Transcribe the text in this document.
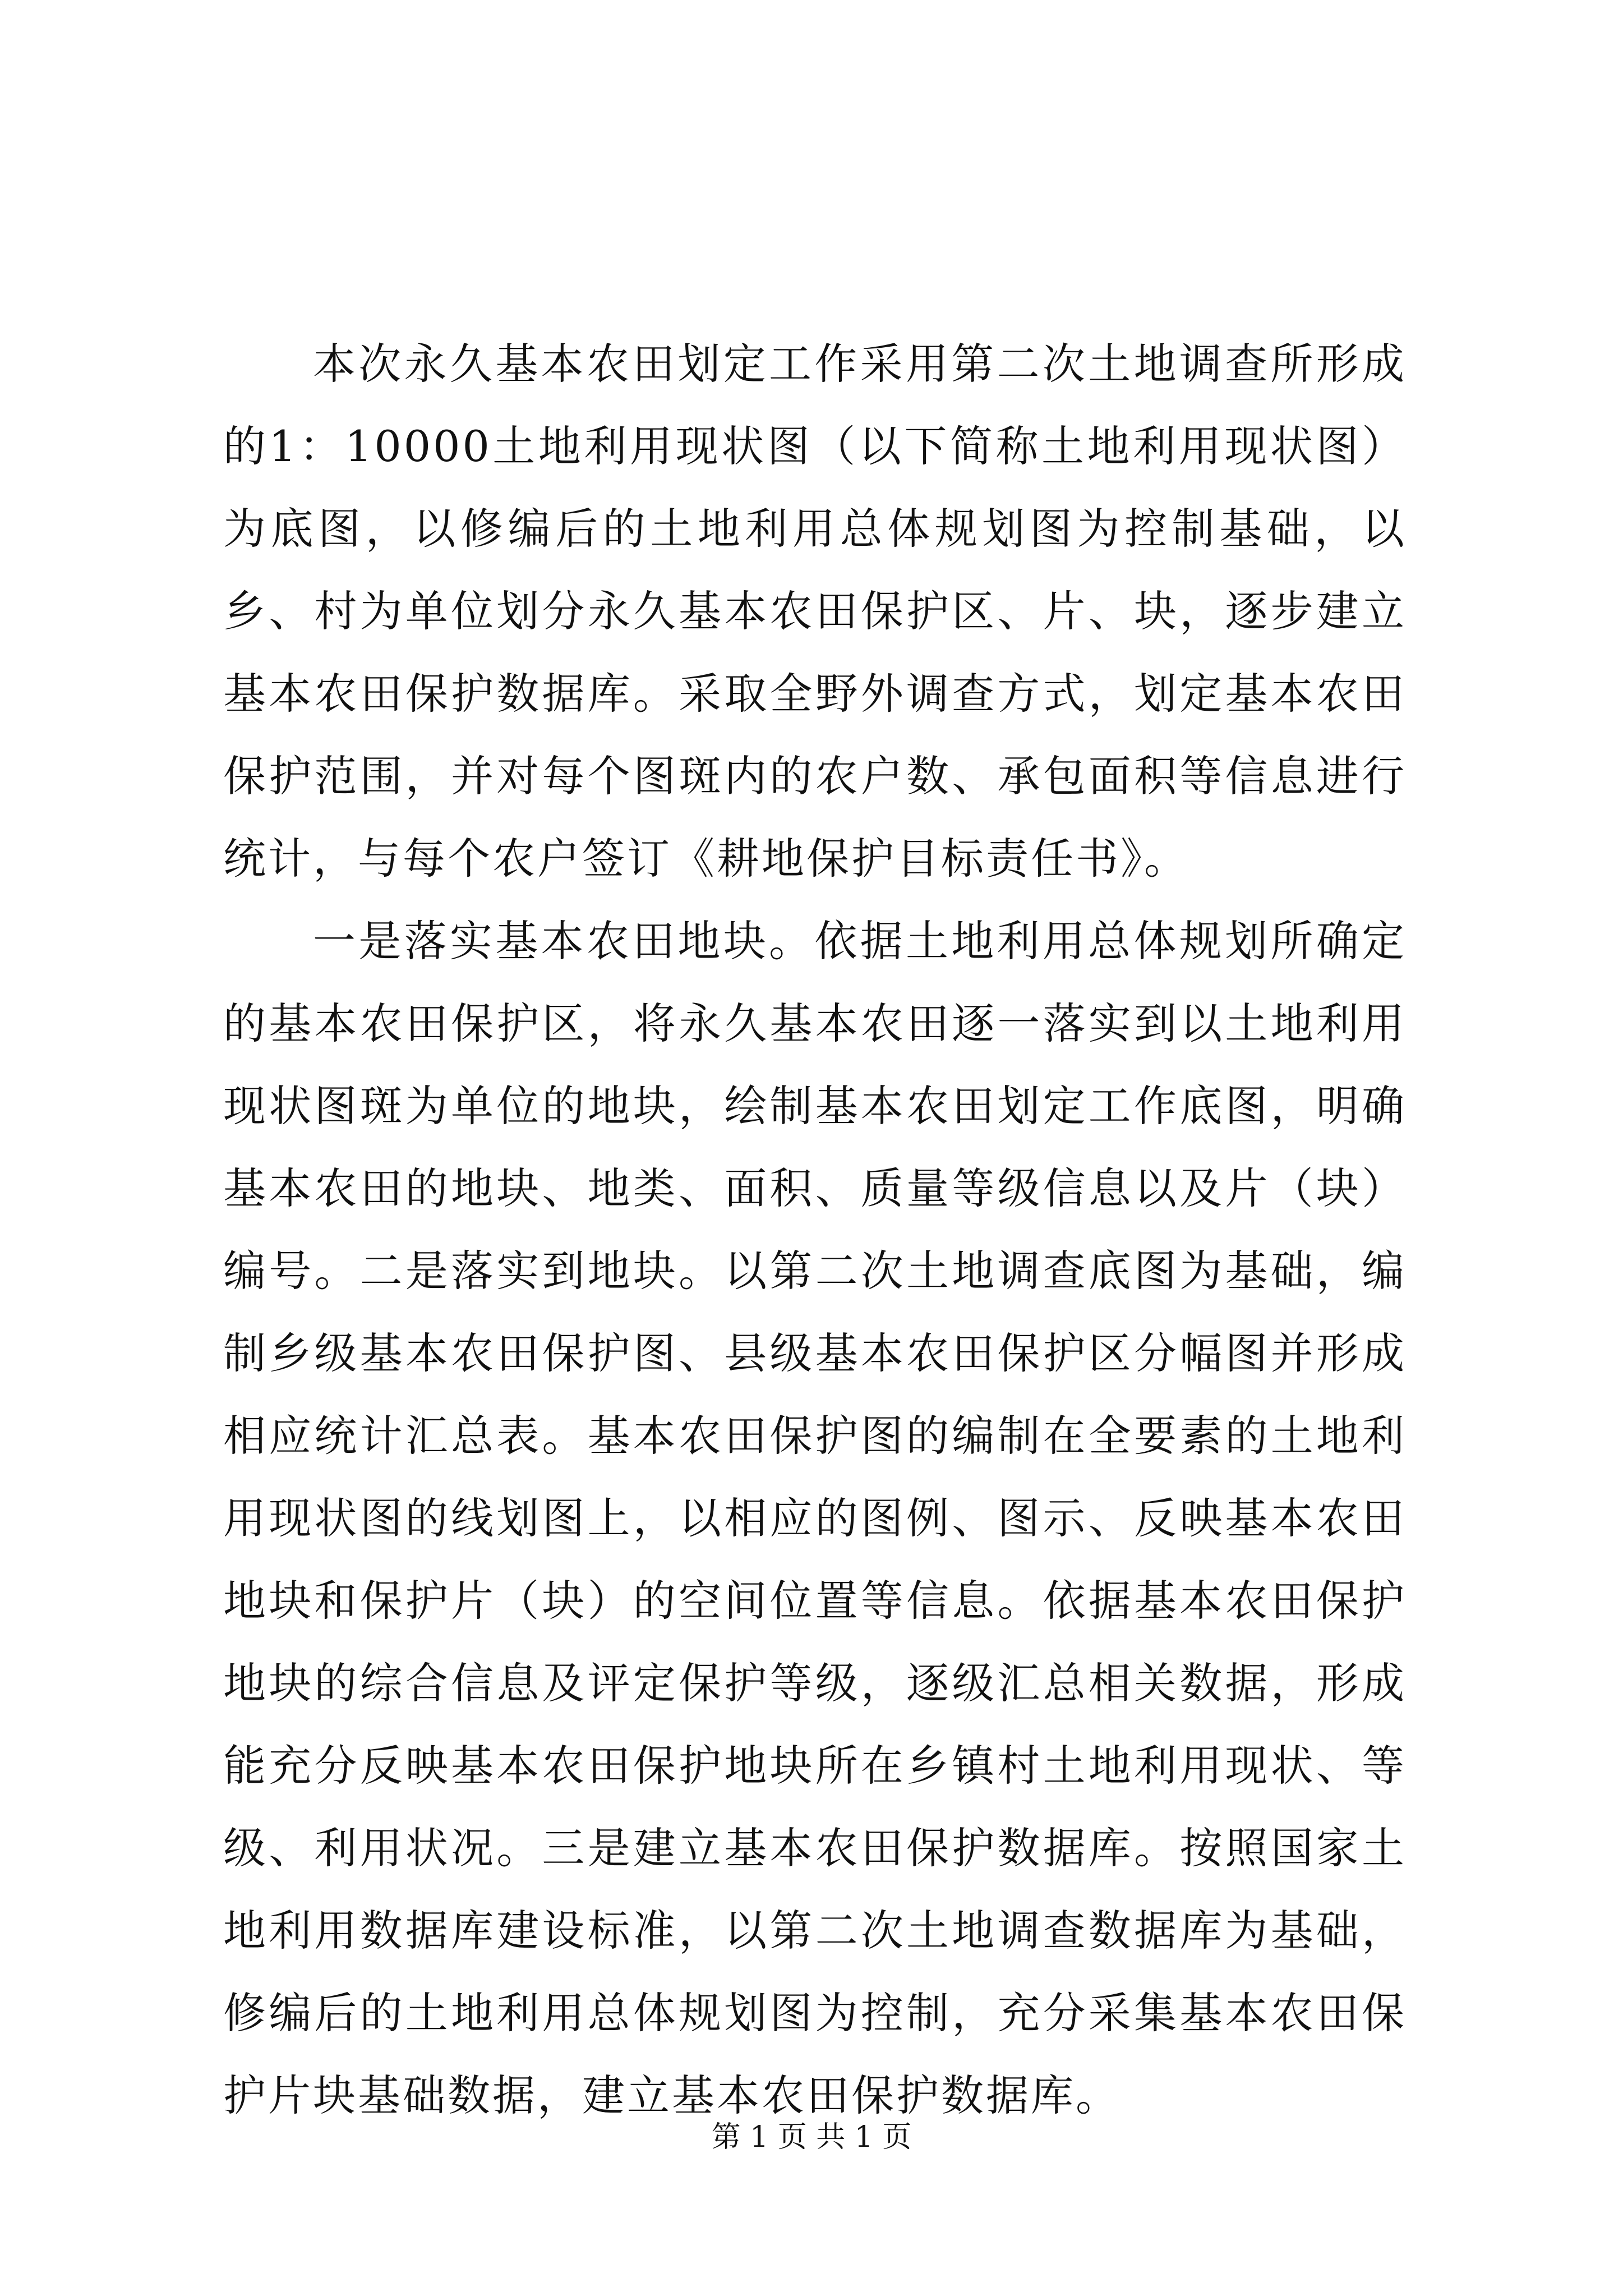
本次永久基本农田划定工作采用第二次土地调查所形成的1：10000土地利用现状图（以下简称土地利用现状图）为底图，以修编后的土地利用总体规划图为控制基础，以乡、村为单位划分永久基本农田保护区、片、块，逐步建立基本农田保护数据库。采取全野外调查方式，划定基本农田保护范围，并对每个图斑内的农户数、承包面积等信息进行统计，与每个农户签订《耕地保护目标责任书》。

一是落实基本农田地块。依据土地利用总体规划所确定的基本农田保护区，将永久基本农田逐一落实到以土地利用现状图斑为单位的地块，绘制基本农田划定工作底图，明确基本农田的地块、地类、面积、质量等级信息以及片（块）编号。二是落实到地块。以第二次土地调查底图为基础，编制乡级基本农田保护图、县级基本农田保护区分幅图并形成相应统计汇总表。基本农田保护图的编制在全要素的土地利用现状图的线划图上，以相应的图例、图示、反映基本农田地块和保护片（块）的空间位置等信息。依据基本农田保护地块的综合信息及评定保护等级，逐级汇总相关数据，形成能充分反映基本农田保护地块所在乡镇村土地利用现状、等级、利用状况。三是建立基本农田保护数据库。按照国家土地利用数据库建设标准，以第二次土地调查数据库为基础，修编后的土地利用总体规划图为控制，充分采集基本农田保护片块基础数据，建立基本农田保护数据库。

第 1 页 共 1 页
